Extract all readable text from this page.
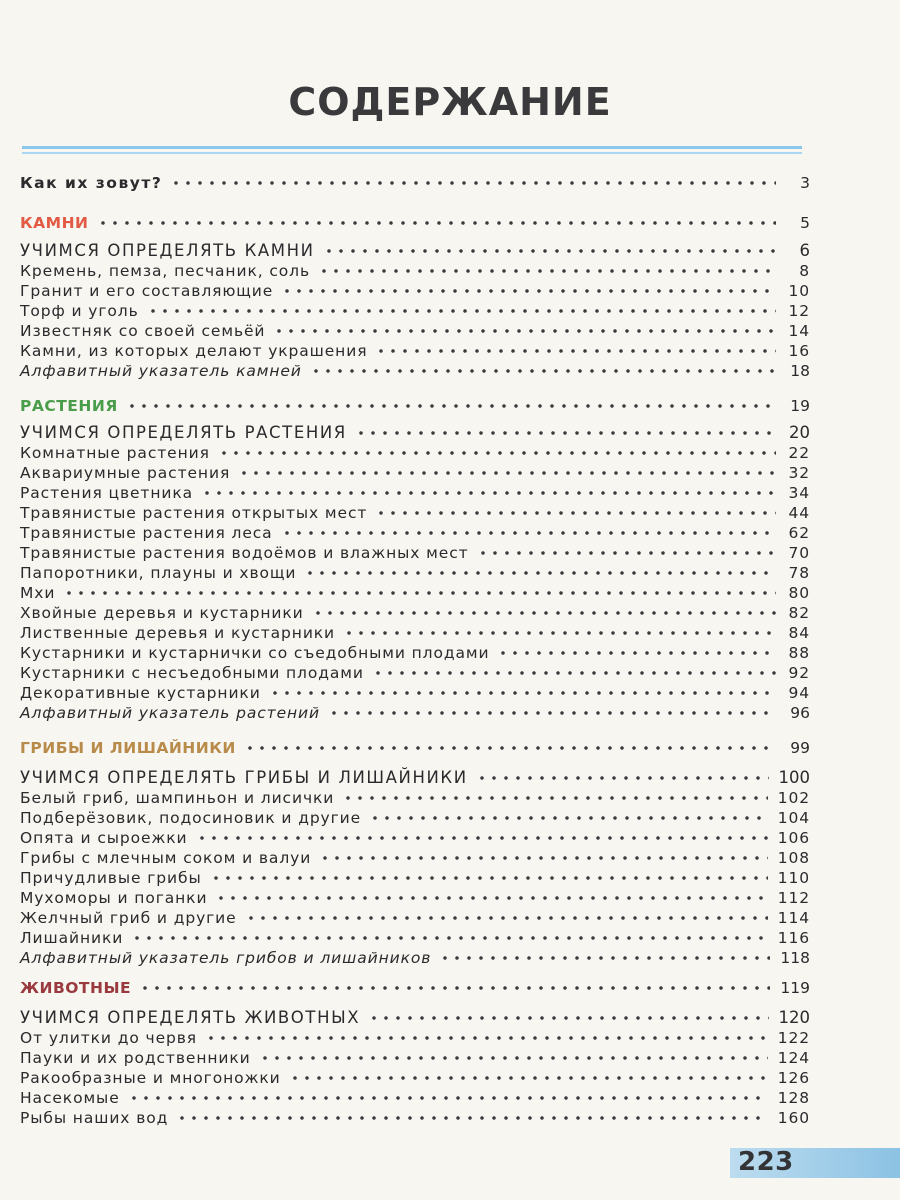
СОДЕРЖАНИЕ
Как их зовут?	3
КАМНИ	5
УЧИМСЯ ОПРЕДЕЛЯТЬ КАМНИ	6
Кремень, пемза, песчаник, соль	8
Гранит и его составляющие	10
Торф и уголь	12
Известняк со своей семьёй	14
Камни, из которых делают украшения	16
Алфавитный указатель камней	18
РАСТЕНИЯ	19
УЧИМСЯ ОПРЕДЕЛЯТЬ РАСТЕНИЯ	20
Комнатные растения	22
Аквариумные растения	32
Растения цветника	34
Травянистые растения открытых мест	44
Травянистые растения леса	62
Травянистые растения водоёмов и влажных мест	70
Папоротники, плауны и хвощи	78
Мхи	80
Хвойные деревья и кустарники	82
Лиственные деревья и кустарники	84
Кустарники и кустарнички со съедобными плодами	88
Кустарники с несъедобными плодами	92
Декоративные кустарники	94
Алфавитный указатель растений	96
ГРИБЫ И ЛИШАЙНИКИ	99
УЧИМСЯ ОПРЕДЕЛЯТЬ ГРИБЫ И ЛИШАЙНИКИ	100
Белый гриб, шампиньон и лисички	102
Подберёзовик, подосиновик и другие	104
Опята и сыроежки	106
Грибы с млечным соком и валуи	108
Причудливые грибы	110
Мухоморы и поганки	112
Желчный гриб и другие	114
Лишайники	116
Алфавитный указатель грибов и лишайников	118
ЖИВОТНЫЕ	119
УЧИМСЯ ОПРЕДЕЛЯТЬ ЖИВОТНЫХ	120
От улитки до червя	122
Пауки и их родственники	124
Ракообразные и многоножки	126
Насекомые	128
Рыбы наших вод	160
223
